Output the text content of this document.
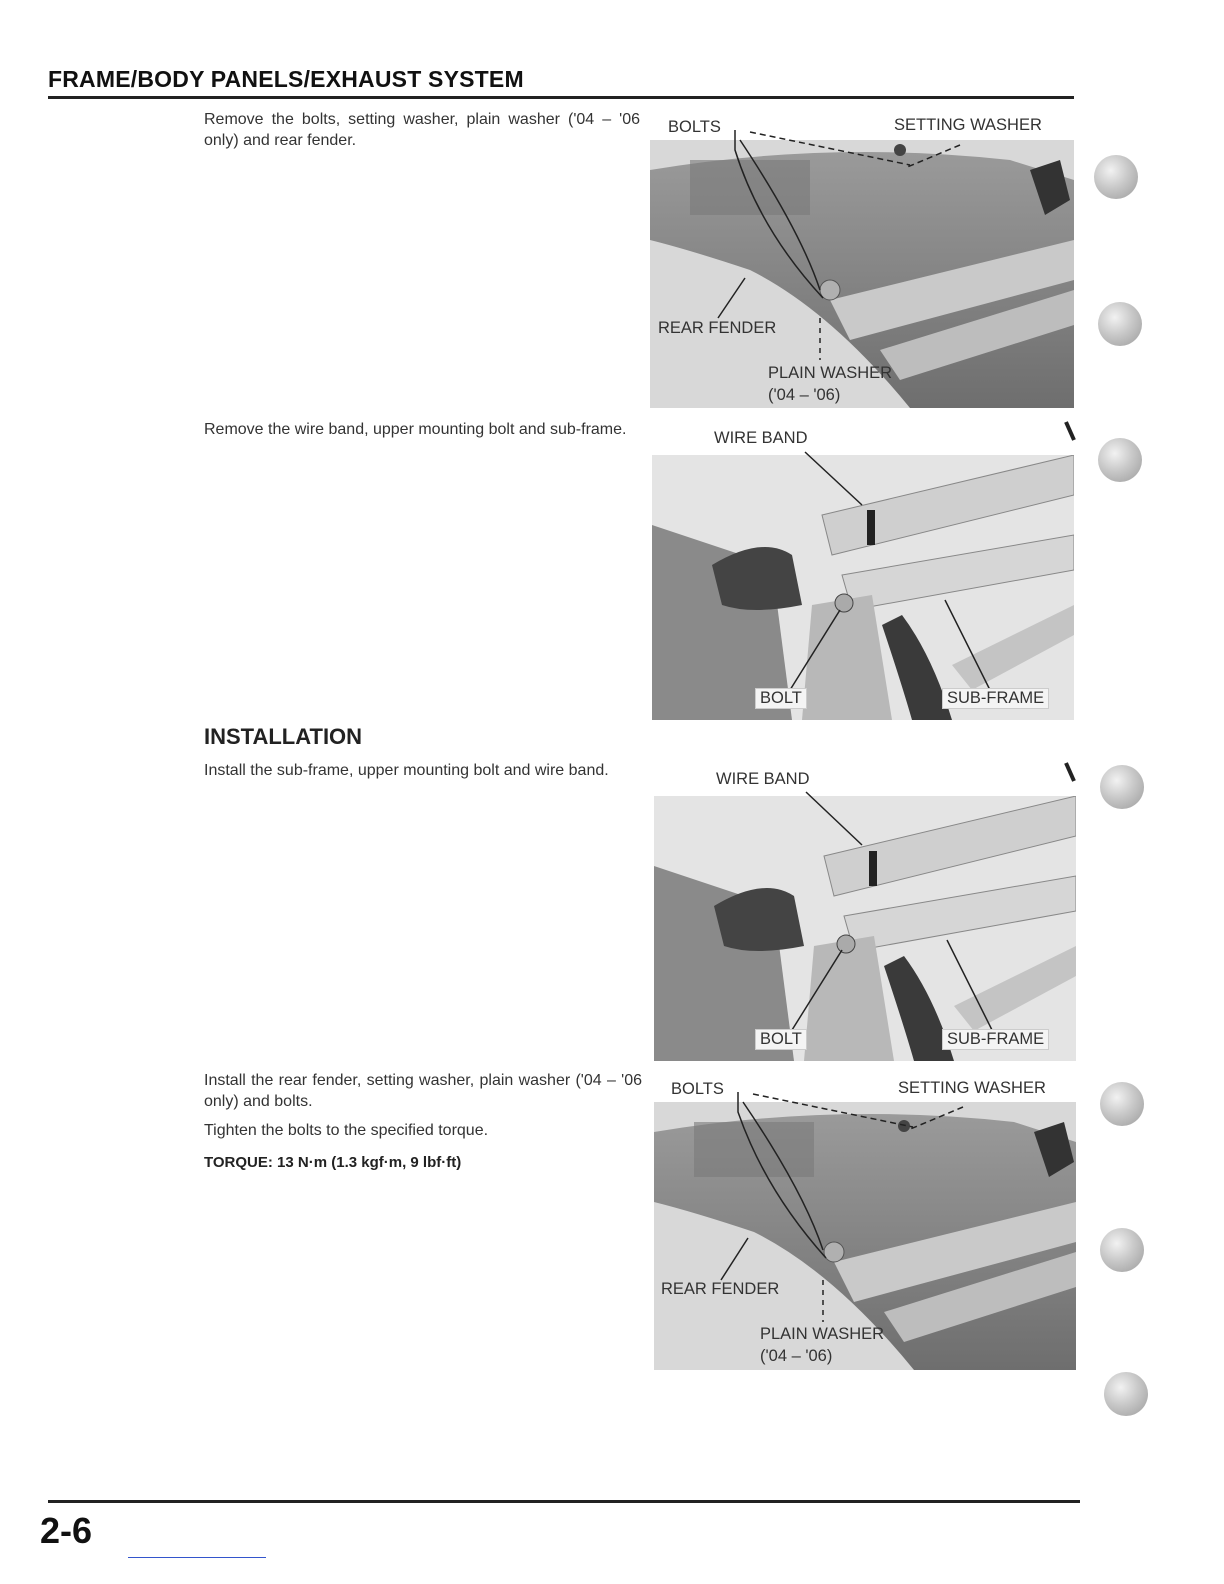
FRAME/BODY PANELS/EXHAUST SYSTEM
Remove the bolts, setting washer, plain washer ('04 – '06 only) and rear fender.
Remove the wire band, upper mounting bolt and sub-frame.
INSTALLATION
Install the sub-frame, upper mounting bolt and wire band.
Install the rear fender, setting washer, plain washer ('04 – '06 only) and bolts.
Tighten the bolts to the specified torque.
TORQUE: 13 N·m (1.3 kgf·m, 9 lbf·ft)
BOLTS	SETTING WASHER
REAR FENDER
PLAIN WASHER
('04 – '06)
WIRE BAND
BOLT	SUB-FRAME
WIRE BAND
BOLT	SUB-FRAME
BOLTS	SETTING WASHER
REAR FENDER
PLAIN WASHER
('04 – '06)
2-6
